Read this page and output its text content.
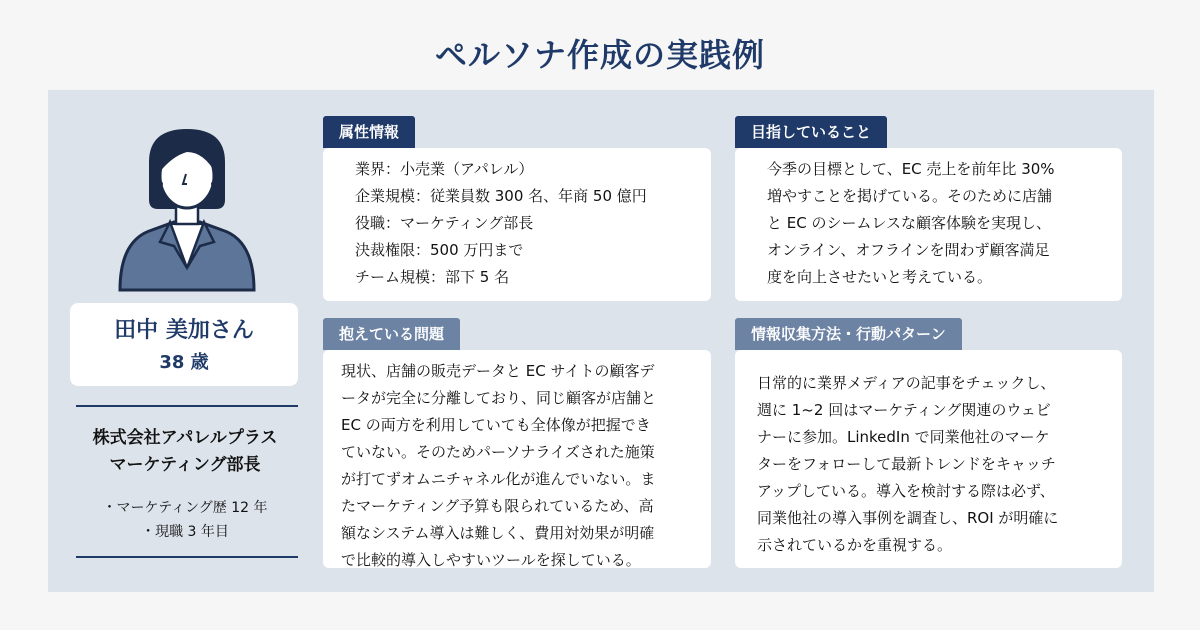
ペルソナ作成の実践例
田中 美加さん
38 歳
株式会社アパレルプラス
マーケティング部長
・マーケティング歴 12 年
・現職 3 年目
属性情報
業界：小売業（アパレル）
企業規模：従業員数 300 名、年商 50 億円
役職：マーケティング部長
決裁権限：500 万円まで
チーム規模：部下 5 名
目指していること
今季の目標として、EC 売上を前年比 30%
増やすことを掲げている。そのために店舗
と EC のシームレスな顧客体験を実現し、
オンライン、オフラインを問わず顧客満足
度を向上させたいと考えている。
抱えている問題
現状、店舗の販売データと EC サイトの顧客デ
ータが完全に分離しており、同じ顧客が店舗と
EC の両方を利用していても全体像が把握でき
ていない。そのためパーソナライズされた施策
が打てずオムニチャネル化が進んでいない。ま
たマーケティング予算も限られているため、高
額なシステム導入は難しく、費用対効果が明確
で比較的導入しやすいツールを探している。
情報収集方法・行動パターン
日常的に業界メディアの記事をチェックし、
週に 1~2 回はマーケティング関連のウェビ
ナーに参加。LinkedIn で同業他社のマーケ
ターをフォローして最新トレンドをキャッチ
アップしている。導入を検討する際は必ず、
同業他社の導入事例を調査し、ROI が明確に
示されているかを重視する。
